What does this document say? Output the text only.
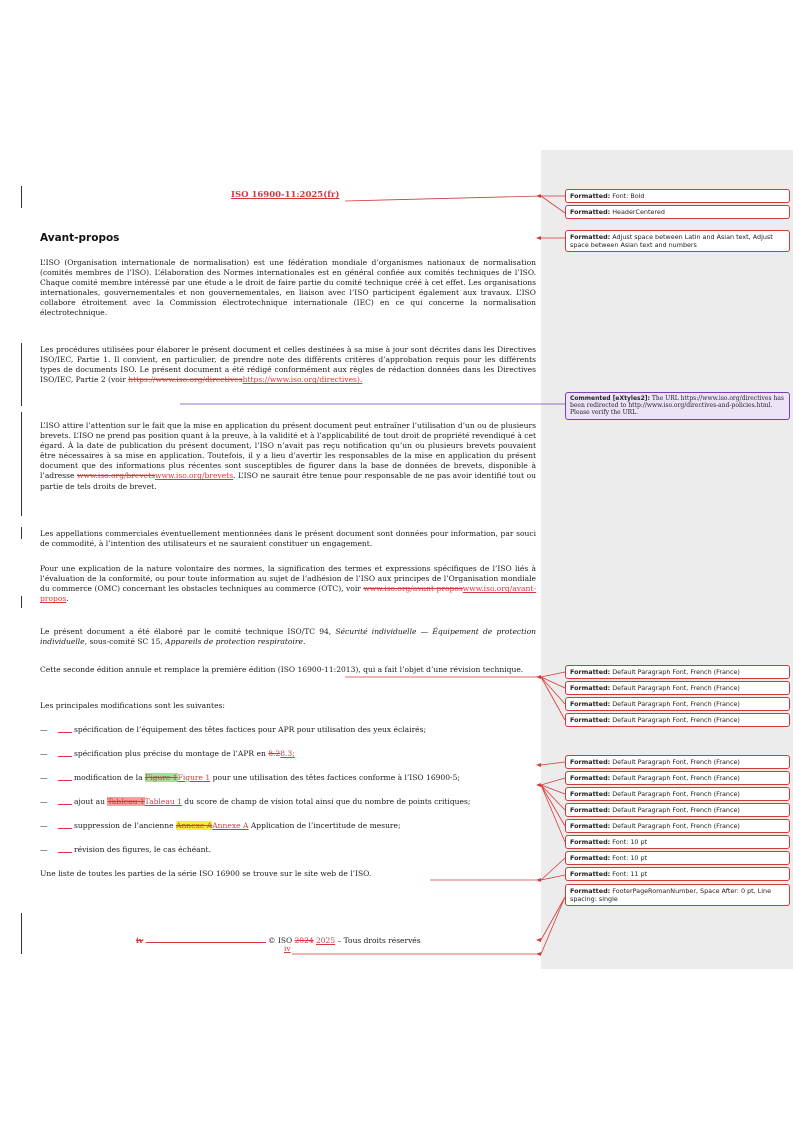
ISO 16900-11:2025(fr)
Avant-propos

L’ISO (Organisation internationale de normalisation) est une fédération mondiale d’organismes nationaux de normalisation (comités membres de l’ISO). L’élaboration des Normes internationales est en général confiée aux comités techniques de l’ISO. Chaque comité membre intéressé par une étude a le droit de faire partie du comité technique créé à cet effet. Les organisations internationales, gouvernementales et non gouvernementales, en liaison avec l’ISO participent également aux travaux. L’ISO collabore étroitement avec la Commission électrotechnique internationale (IEC) en ce qui concerne la normalisation électrotechnique.

Les procédures utilisées pour élaborer le présent document et celles destinées à sa mise à jour sont décrites dans les Directives ISO/IEC, Partie 1. Il convient, en particulier, de prendre note des différents critères d’approbation requis pour les différents types de documents ISO. Le présent document a été rédigé conformément aux règles de rédaction données dans les Directives ISO/IEC, Partie 2 (voir https://www.iso.org/directiveshttps://www.iso.org/directives).

L’ISO attire l’attention sur le fait que la mise en application du présent document peut entraîner l’utilisation d’un ou de plusieurs brevets. L’ISO ne prend pas position quant à la preuve, à la validité et à l’applicabilité de tout droit de propriété revendiqué à cet égard. À la date de publication du présent document, l’ISO n’avait pas reçu notification qu’un ou plusieurs brevets pouvaient être nécessaires à sa mise en application. Toutefois, il y a lieu d’avertir les responsables de la mise en application du présent document que des informations plus récentes sont susceptibles de figurer dans la base de données de brevets, disponible à l’adresse www.iso.org/brevetswww.iso.org/brevets. L’ISO ne saurait être tenue pour responsable de ne pas avoir identifié tout ou partie de tels droits de brevet.

Les appellations commerciales éventuellement mentionnées dans le présent document sont données pour information, par souci de commodité, à l’intention des utilisateurs et ne sauraient constituer un engagement.

Pour une explication de la nature volontaire des normes, la signification des termes et expressions spécifiques de l’ISO liés à l’évaluation de la conformité, ou pour toute information au sujet de l’adhésion de l’ISO aux principes de l’Organisation mondiale du commerce (OMC) concernant les obstacles techniques au commerce (OTC), voir www.iso.org/avant-proposwww.iso.org/avant-propos.

Le présent document a été élaboré par le comité technique ISO/TC 94, Sécurité individuelle — Équipement de protection individuelle, sous-comité SC 15, Appareils de protection respiratoire.

Cette seconde édition annule et remplace la première édition (ISO 16900‑11:2013), qui a fait l’objet d’une révision technique.

Les principales modifications sont les suivantes:

—	spécification de l’équipement des têtes factices pour APR pour utilisation des yeux éclairés;
—	spécification plus précise du montage de l’APR en 8.28.3;
—	modification de la Figure 1Figure 1 pour une utilisation des têtes factices conforme à l’ISO 16900‑5;
—	ajout au Tableau 1Tableau 1 du score de champ de vision total ainsi que du nombre de points critiques;
—	suppression de l’ancienne Annexe AAnnexe A Application de l’incertitude de mesure;
—	révision des figures, le cas échéant.

Une liste de toutes les parties de la série ISO 16900 se trouve sur le site web de l’ISO.

iv	© ISO 2024 2025 – Tous droits réservés
iv
Formatted: Font: Bold
Formatted: HeaderCentered
Formatted: Adjust space between Latin and Asian text, Adjust space between Asian text and numbers
Commented [eXtyles2]: The URL https://www.iso.org/directives has been redirected to http://www.iso.org/directives-and-policies.html. Please verify the URL.
Formatted: Default Paragraph Font, French (France)
Formatted: Default Paragraph Font, French (France)
Formatted: Default Paragraph Font, French (France)
Formatted: Default Paragraph Font, French (France)
Formatted: Default Paragraph Font, French (France)
Formatted: Default Paragraph Font, French (France)
Formatted: Default Paragraph Font, French (France)
Formatted: Default Paragraph Font, French (France)
Formatted: Default Paragraph Font, French (France)
Formatted: Font: 10 pt
Formatted: Font: 10 pt
Formatted: Font: 11 pt
Formatted: FooterPageRomanNumber, Space After: 0 pt, Line spacing: single
